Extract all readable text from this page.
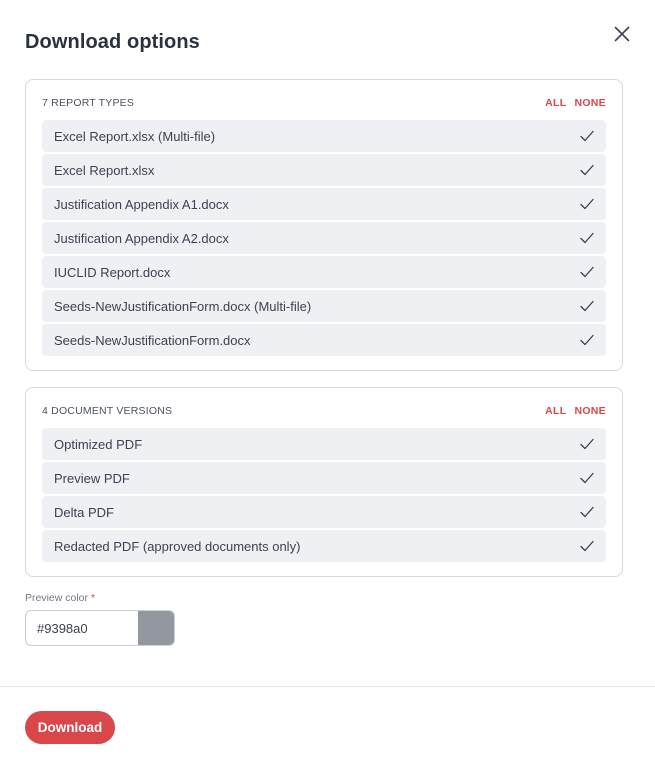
Download options
7 REPORT TYPES	ALL NONE
Excel Report.xlsx (Multi-file)
Excel Report.xlsx
Justification Appendix A1.docx
Justification Appendix A2.docx
IUCLID Report.docx
Seeds-NewJustificationForm.docx (Multi-file)
Seeds-NewJustificationForm.docx
4 DOCUMENT VERSIONS	ALL NONE
Optimized PDF
Preview PDF
Delta PDF
Redacted PDF (approved documents only)
Preview color *
#9398a0
Download
